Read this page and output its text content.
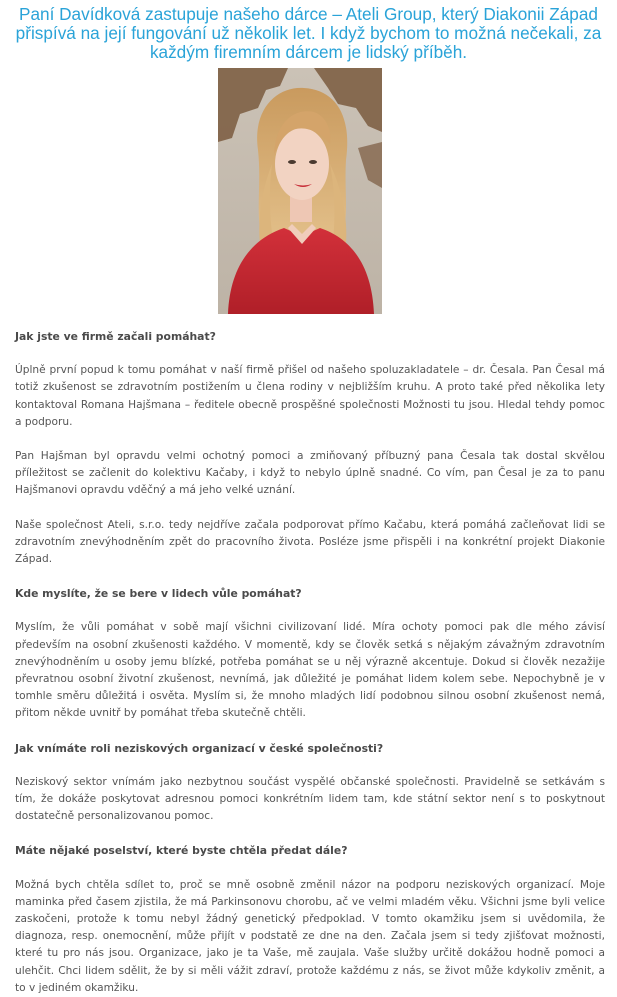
Paní Davídková zastupuje našeho dárce – Ateli Group, který Diakonii Západ přispívá na její fungování už několik let. I když bychom to možná nečekali, za každým firemním dárcem je lidský příběh.

Jak jste ve firmě začali pomáhat?

Úplně první popud k tomu pomáhat v naší firmě přišel od našeho spoluzakladatele – dr. Česala. Pan Česal má totiž zkušenost se zdravotním postižením u člena rodiny v nejbližším kruhu. A proto také před několika lety kontaktoval Romana Hajšmana – ředitele obecně prospěšné společnosti Možnosti tu jsou. Hledal tehdy pomoc a podporu.

Pan Hajšman byl opravdu velmi ochotný pomoci a zmiňovaný příbuzný pana Česala tak dostal skvělou příležitost se začlenit do kolektivu Kačaby, i když to nebylo úplně snadné. Co vím, pan Česal je za to panu Hajšmanovi opravdu vděčný a má jeho velké uznání.

Naše společnost Ateli, s.r.o. tedy nejdříve začala podporovat přímo Kačabu, která pomáhá začleňovat lidi se zdravotním znevýhodněním zpět do pracovního života. Posléze jsme přispěli i na konkrétní projekt Diakonie Západ.

Kde myslíte, že se bere v lidech vůle pomáhat?

Myslím, že vůli pomáhat v sobě mají všichni civilizovaní lidé. Míra ochoty pomoci pak dle mého závisí především na osobní zkušenosti každého. V momentě, kdy se člověk setká s nějakým závažným zdravotním znevýhodněním u osoby jemu blízké, potřeba pomáhat se u něj výrazně akcentuje. Dokud si člověk nezažije převratnou osobní životní zkušenost, nevnímá, jak důležité je pomáhat lidem kolem sebe. Nepochybně je v tomhle směru důležitá i osvěta. Myslím si, že mnoho mladých lidí podobnou silnou osobní zkušenost nemá, přitom někde uvnitř by pomáhat třeba skutečně chtěli.

Jak vnímáte roli neziskových organizací v české společnosti?

Neziskový sektor vnímám jako nezbytnou součást vyspělé občanské společnosti. Pravidelně se setkávám s tím, že dokáže poskytovat adresnou pomoci konkrétním lidem tam, kde státní sektor není s to poskytnout dostatečně personalizovanou pomoc.

Máte nějaké poselství, které byste chtěla předat dále?

Možná bych chtěla sdílet to, proč se mně osobně změnil názor na podporu neziskových organizací. Moje maminka před časem zjistila, že má Parkinsonovu chorobu, ač ve velmi mladém věku. Všichni jsme byli velice zaskočeni, protože k tomu nebyl žádný genetický předpoklad. V tomto okamžiku jsem si uvědomila, že diagnoza, resp. onemocnění, může přijít v podstatě ze dne na den. Začala jsem si tedy zjišťovat možnosti, které tu pro nás jsou. Organizace, jako je ta Vaše, mě zaujala. Vaše služby určitě dokážou hodně pomoci a ulehčit. Chci lidem sdělit, že by si měli vážit zdraví, protože každému z nás, se život může kdykoliv změnit, a to v jediném okamžiku.
